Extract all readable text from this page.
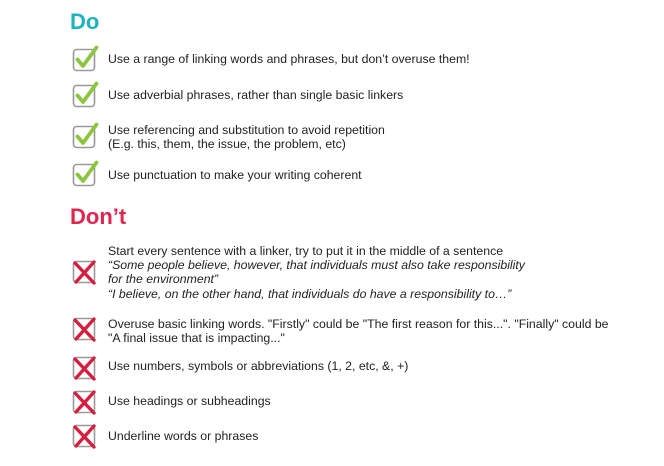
Do
Use a range of linking words and phrases, but don’t overuse them!
Use adverbial phrases, rather than single basic linkers
Use referencing and substitution to avoid repetition
(E.g. this, them, the issue, the problem, etc)
Use punctuation to make your writing coherent
Don’t
Start every sentence with a linker, try to put it in the middle of a sentence
“Some people believe, however, that individuals must also take responsibility
for the environment”
“I believe, on the other hand, that individuals do have a responsibility to…”
Overuse basic linking words. "Firstly" could be "The first reason for this...". "Finally" could be
"A final issue that is impacting..."
Use numbers, symbols or abbreviations (1, 2, etc, &, +)
Use headings or subheadings
Underline words or phrases
